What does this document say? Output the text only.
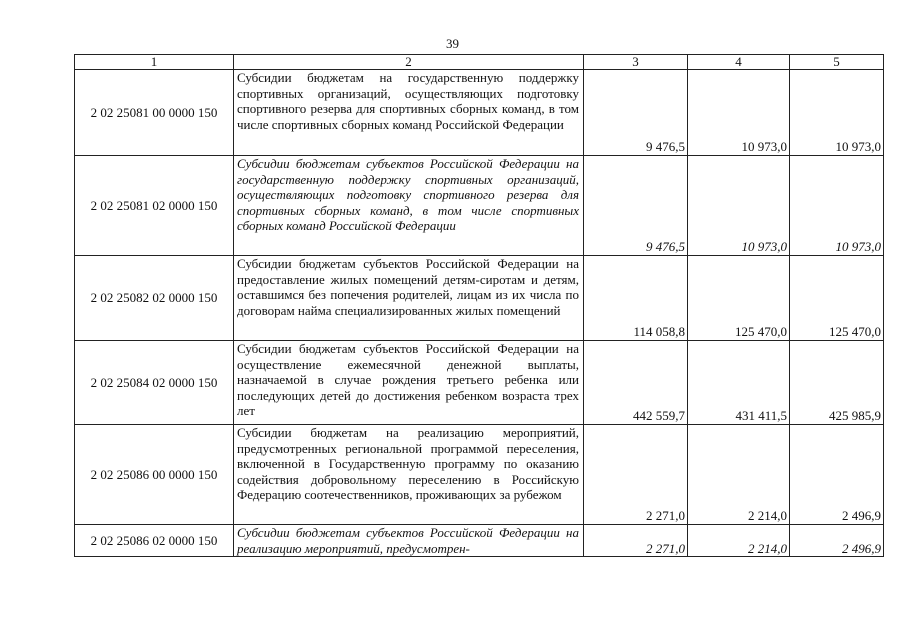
39
1	2	3	4	5
2 02 25081 00 0000 150	Субсидии бюджетам на государственную поддержку спортивных организаций, осуществляющих подготовку спортивного резерва для спортивных сборных команд, в том числе спортивных сборных команд Российской Федерации	9 476,5	10 973,0	10 973,0
2 02 25081 02 0000 150	Субсидии бюджетам субъектов Российской Федерации на государственную поддержку спортивных организаций, осуществляющих подготовку спортивного резерва для спортивных сборных команд, в том числе спортивных сборных команд Российской Федерации	9 476,5	10 973,0	10 973,0
2 02 25082 02 0000 150	Субсидии бюджетам субъектов Российской Федерации на предоставление жилых помещений детям-сиротам и детям, оставшимся без попечения родителей, лицам из их числа по договорам найма специализированных жилых помещений	114 058,8	125 470,0	125 470,0
2 02 25084 02 0000 150	Субсидии бюджетам субъектов Российской Федерации на осуществление ежемесячной денежной выплаты, назначаемой в случае рождения третьего ребенка или последующих детей до достижения ребенком возраста трех лет	442 559,7	431 411,5	425 985,9
2 02 25086 00 0000 150	Субсидии бюджетам на реализацию мероприятий, предусмотренных региональной программой переселения, включенной в Государственную программу по оказанию содействия добровольному переселению в Российскую Федерацию соотечественников, проживающих за рубежом	2 271,0	2 214,0	2 496,9
2 02 25086 02 0000 150	Субсидии бюджетам субъектов Российской Федерации на реализацию мероприятий, предусмотрен-	2 271,0	2 214,0	2 496,9
